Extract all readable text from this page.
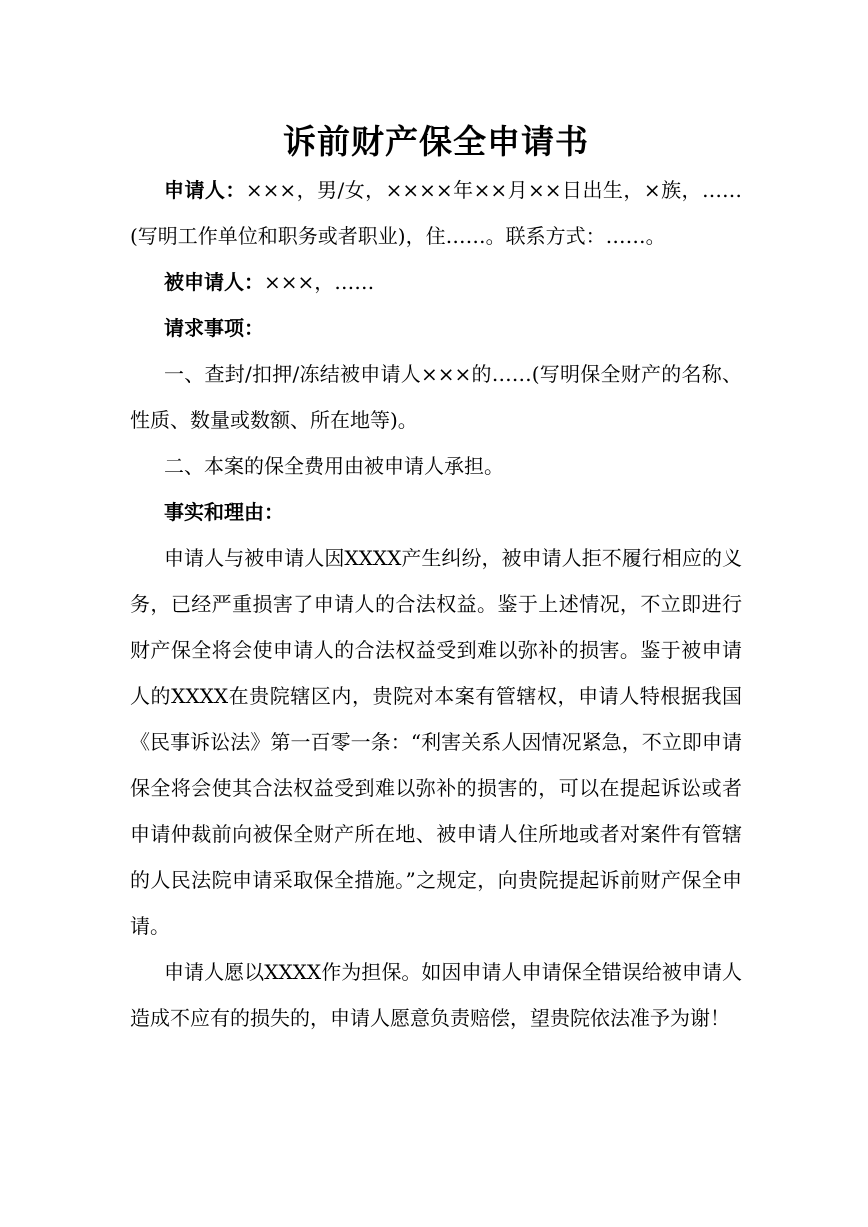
诉前财产保全申请书

申请人：×××，男/女，××××年××月××日出生，×族，……(写明工作单位和职务或者职业)，住……。联系方式：……。

被申请人：×××，……

请求事项：

一、查封/扣押/冻结被申请人×××的……(写明保全财产的名称、性质、数量或数额、所在地等)。

二、本案的保全费用由被申请人承担。

事实和理由：

申请人与被申请人因XXXX产生纠纷，被申请人拒不履行相应的义务，已经严重损害了申请人的合法权益。鉴于上述情况，不立即进行财产保全将会使申请人的合法权益受到难以弥补的损害。鉴于被申请人的XXXX在贵院辖区内，贵院对本案有管辖权，申请人特根据我国《民事诉讼法》第一百零一条：“利害关系人因情况紧急，不立即申请保全将会使其合法权益受到难以弥补的损害的，可以在提起诉讼或者申请仲裁前向被保全财产所在地、被申请人住所地或者对案件有管辖的人民法院申请采取保全措施。”之规定，向贵院提起诉前财产保全申请。

申请人愿以XXXX作为担保。如因申请人申请保全错误给被申请人造成不应有的损失的，申请人愿意负责赔偿，望贵院依法准予为谢！
